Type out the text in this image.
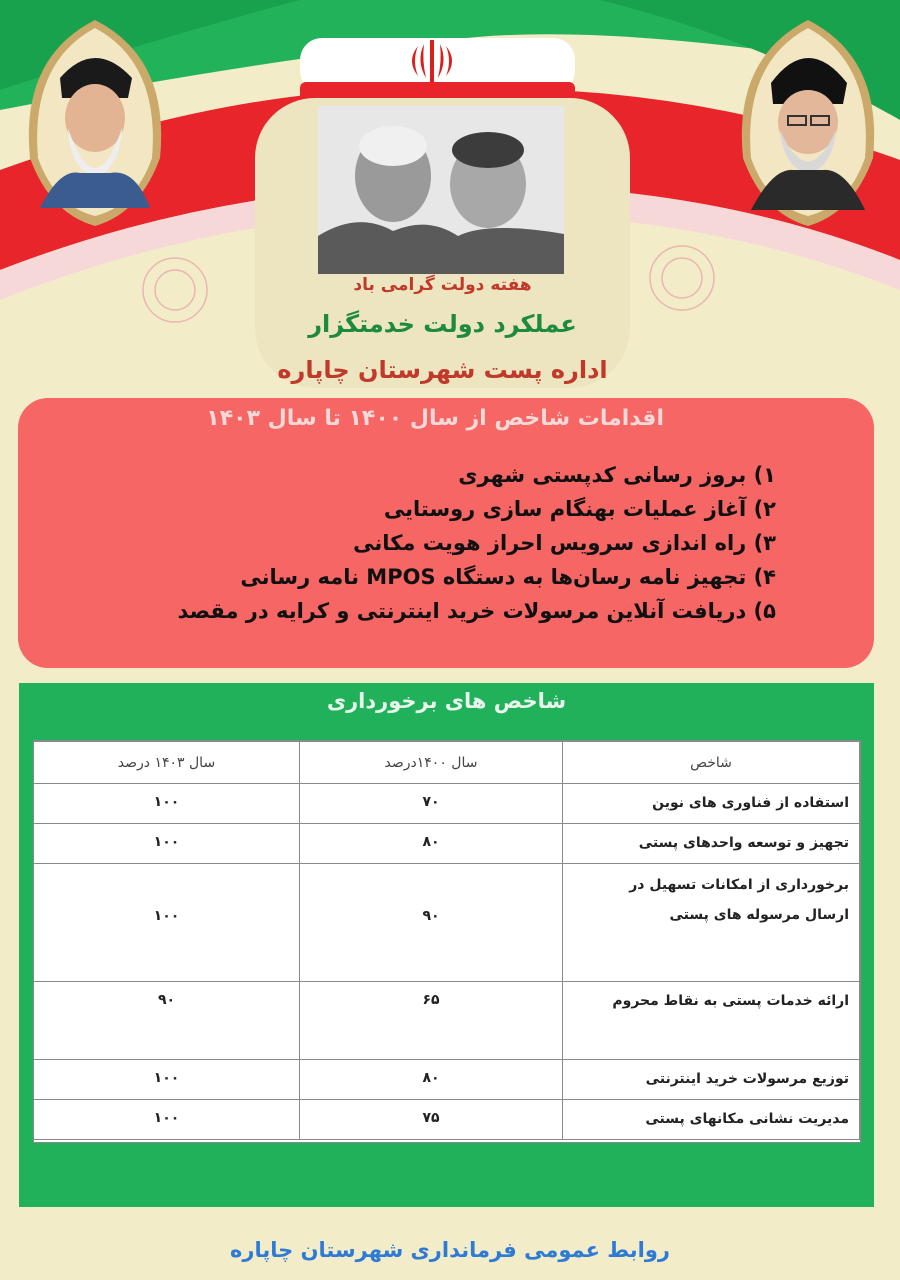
هفته دولت گرامی باد
عملکرد دولت خدمتگزار
اداره پست شهرستان چاپاره
اقدامات شاخص از سال ۱۴۰۰ تا سال ۱۴۰۳
۱) بروز رسانی کدپستی شهری
۲) آغاز عملیات بهنگام سازی روستایی
۳) راه اندازی سرویس احراز هویت مکانی
۴) تجهیز نامه رسان‌ها به دستگاه MPOS نامه رسانی
۵) دریافت آنلاین مرسولات خرید اینترنتی و کرایه در مقصد
شاخص های برخورداری
شاخص	سال ۱۴۰۰درصد	سال ۱۴۰۳ درصد
استفاده از فناوری های نوین	۷۰	۱۰۰
تجهیز و توسعه واحدهای پستی	۸۰	۱۰۰
برخورداری از امکانات تسهیل در ارسال مرسوله های پستی	۹۰	۱۰۰
ارائه خدمات پستی به نقاط محروم	۶۵	۹۰
توزیع مرسولات خرید اینترنتی	۸۰	۱۰۰
مدیریت نشانی مکانهای پستی	۷۵	۱۰۰
روابط عمومی فرمانداری شهرستان چاپاره
